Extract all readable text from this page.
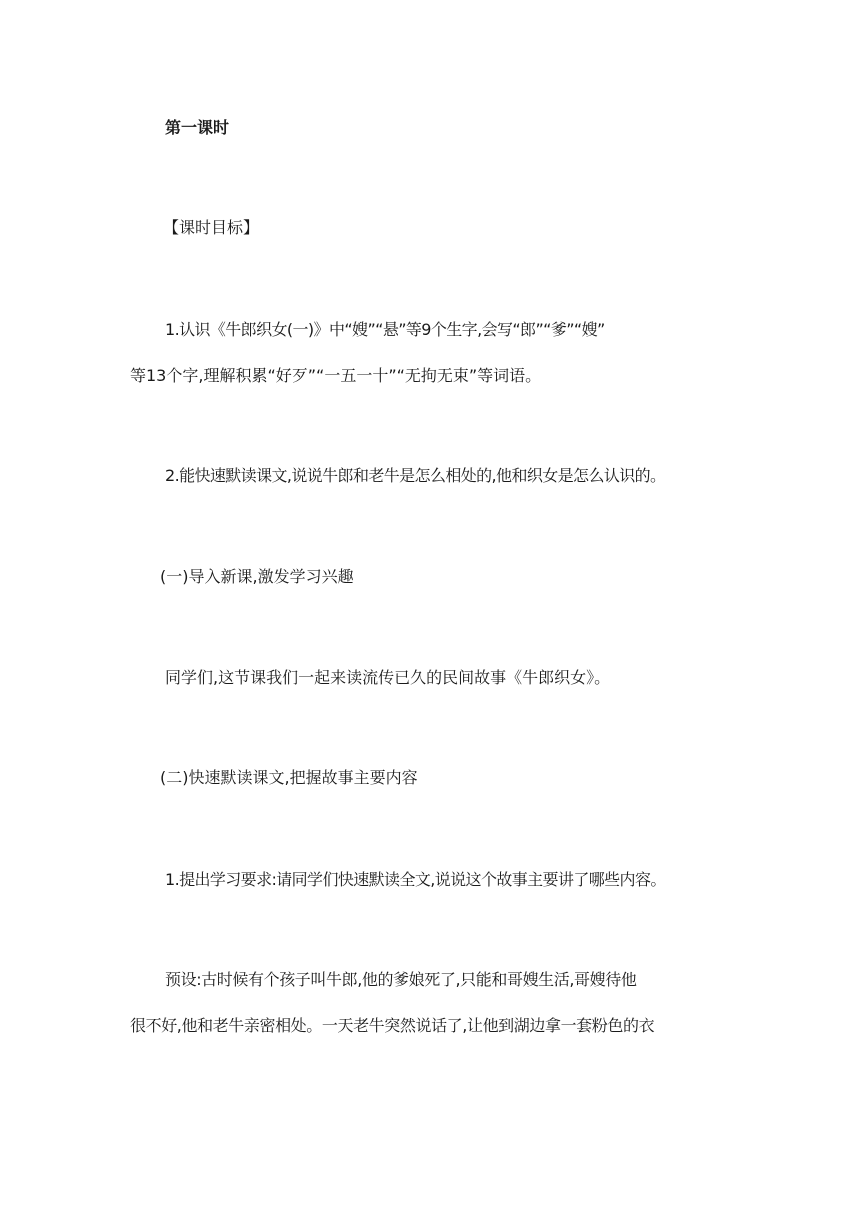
第一课时
【课时目标】
1.认识《牛郎织女(一)》中“嫂”“悬”等9个生字,会写“郎”“爹”“嫂”
等13个字,理解积累“好歹”“一五一十”“无拘无束”等词语。
2.能快速默读课文,说说牛郎和老牛是怎么相处的,他和织女是怎么认识的。
(一)导入新课,激发学习兴趣
同学们,这节课我们一起来读流传已久的民间故事《牛郎织女》。
(二)快速默读课文,把握故事主要内容
1.提出学习要求:请同学们快速默读全文,说说这个故事主要讲了哪些内容。
预设:古时候有个孩子叫牛郎,他的爹娘死了,只能和哥嫂生活,哥嫂待他
很不好,他和老牛亲密相处。一天老牛突然说话了,让他到湖边拿一套粉色的衣
